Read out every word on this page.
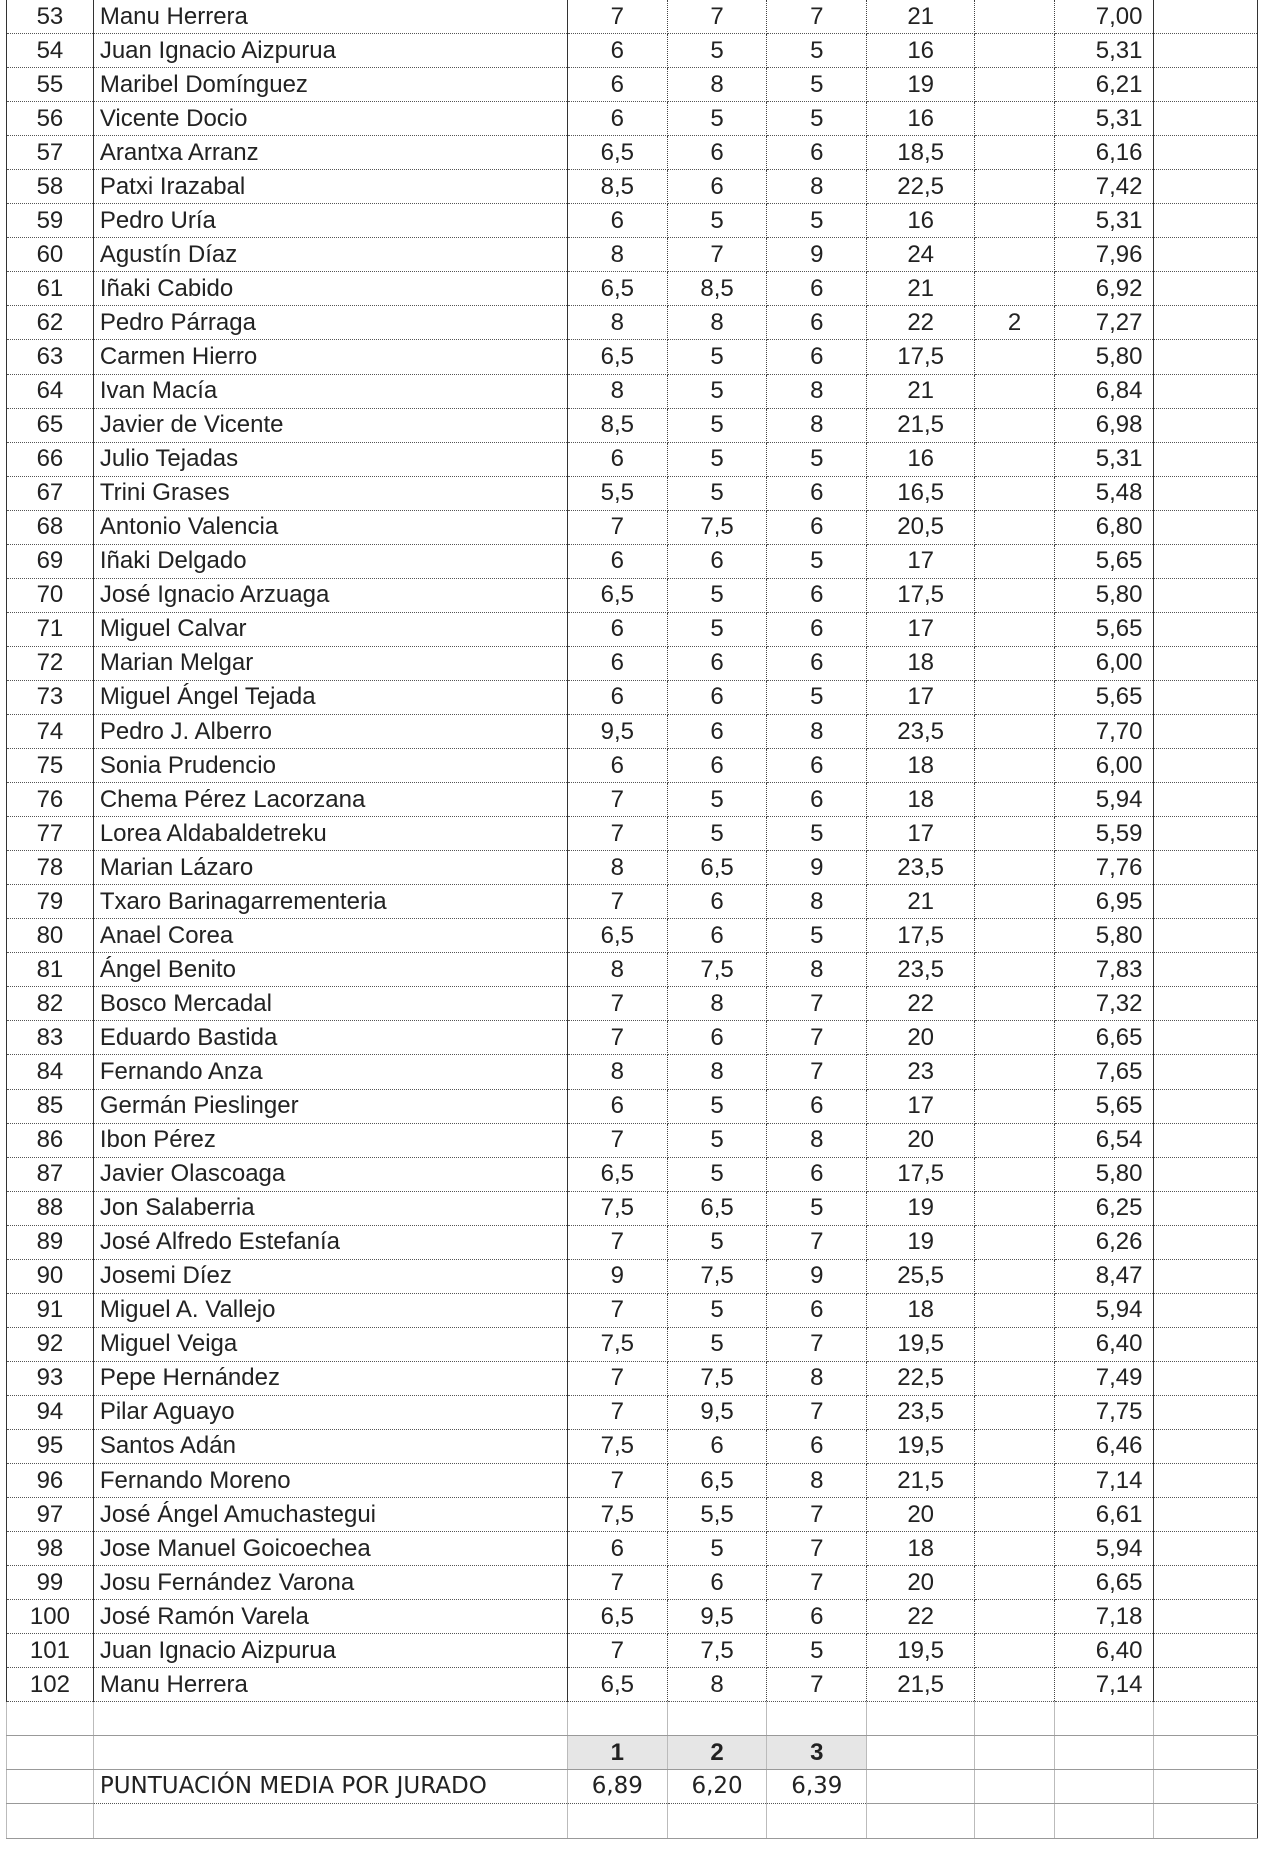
53	Manu Herrera	7	7	7	21		7,00	
54	Juan Ignacio Aizpurua	6	5	5	16		5,31	
55	Maribel Domínguez	6	8	5	19		6,21	
56	Vicente Docio	6	5	5	16		5,31	
57	Arantxa Arranz	6,5	6	6	18,5		6,16	
58	Patxi Irazabal	8,5	6	8	22,5		7,42	
59	Pedro Uría	6	5	5	16		5,31	
60	Agustín Díaz	8	7	9	24		7,96	
61	Iñaki Cabido	6,5	8,5	6	21		6,92	
62	Pedro Párraga	8	8	6	22	2	7,27	
63	Carmen Hierro	6,5	5	6	17,5		5,80	
64	Ivan Macía	8	5	8	21		6,84	
65	Javier de Vicente	8,5	5	8	21,5		6,98	
66	Julio Tejadas	6	5	5	16		5,31	
67	Trini Grases	5,5	5	6	16,5		5,48	
68	Antonio Valencia	7	7,5	6	20,5		6,80	
69	Iñaki Delgado	6	6	5	17		5,65	
70	José Ignacio Arzuaga	6,5	5	6	17,5		5,80	
71	Miguel Calvar	6	5	6	17		5,65	
72	Marian Melgar	6	6	6	18		6,00	
73	Miguel Ángel Tejada	6	6	5	17		5,65	
74	Pedro J. Alberro	9,5	6	8	23,5		7,70	
75	Sonia Prudencio	6	6	6	18		6,00	
76	Chema Pérez Lacorzana	7	5	6	18		5,94	
77	Lorea Aldabaldetreku	7	5	5	17		5,59	
78	Marian Lázaro	8	6,5	9	23,5		7,76	
79	Txaro Barinagarrementeria	7	6	8	21		6,95	
80	Anael Corea	6,5	6	5	17,5		5,80	
81	Ángel Benito	8	7,5	8	23,5		7,83	
82	Bosco Mercadal	7	8	7	22		7,32	
83	Eduardo Bastida	7	6	7	20		6,65	
84	Fernando Anza	8	8	7	23		7,65	
85	Germán Pieslinger	6	5	6	17		5,65	
86	Ibon Pérez	7	5	8	20		6,54	
87	Javier Olascoaga	6,5	5	6	17,5		5,80	
88	Jon Salaberria	7,5	6,5	5	19		6,25	
89	José Alfredo Estefanía	7	5	7	19		6,26	
90	Josemi Díez	9	7,5	9	25,5		8,47	
91	Miguel A. Vallejo	7	5	6	18		5,94	
92	Miguel Veiga	7,5	5	7	19,5		6,40	
93	Pepe Hernández	7	7,5	8	22,5		7,49	
94	Pilar Aguayo	7	9,5	7	23,5		7,75	
95	Santos Adán	7,5	6	6	19,5		6,46	
96	Fernando Moreno	7	6,5	8	21,5		7,14	
97	José Ángel Amuchastegui	7,5	5,5	7	20		6,61	
98	Jose Manuel Goicoechea	6	5	7	18		5,94	
99	Josu Fernández Varona	7	6	7	20		6,65	
100	José Ramón Varela	6,5	9,5	6	22		7,18	
101	Juan Ignacio Aizpurua	7	7,5	5	19,5		6,40	
102	Manu Herrera	6,5	8	7	21,5		7,14	

		1	2	3				
	PUNTUACIÓN MEDIA POR JURADO	6,89	6,20	6,39				
